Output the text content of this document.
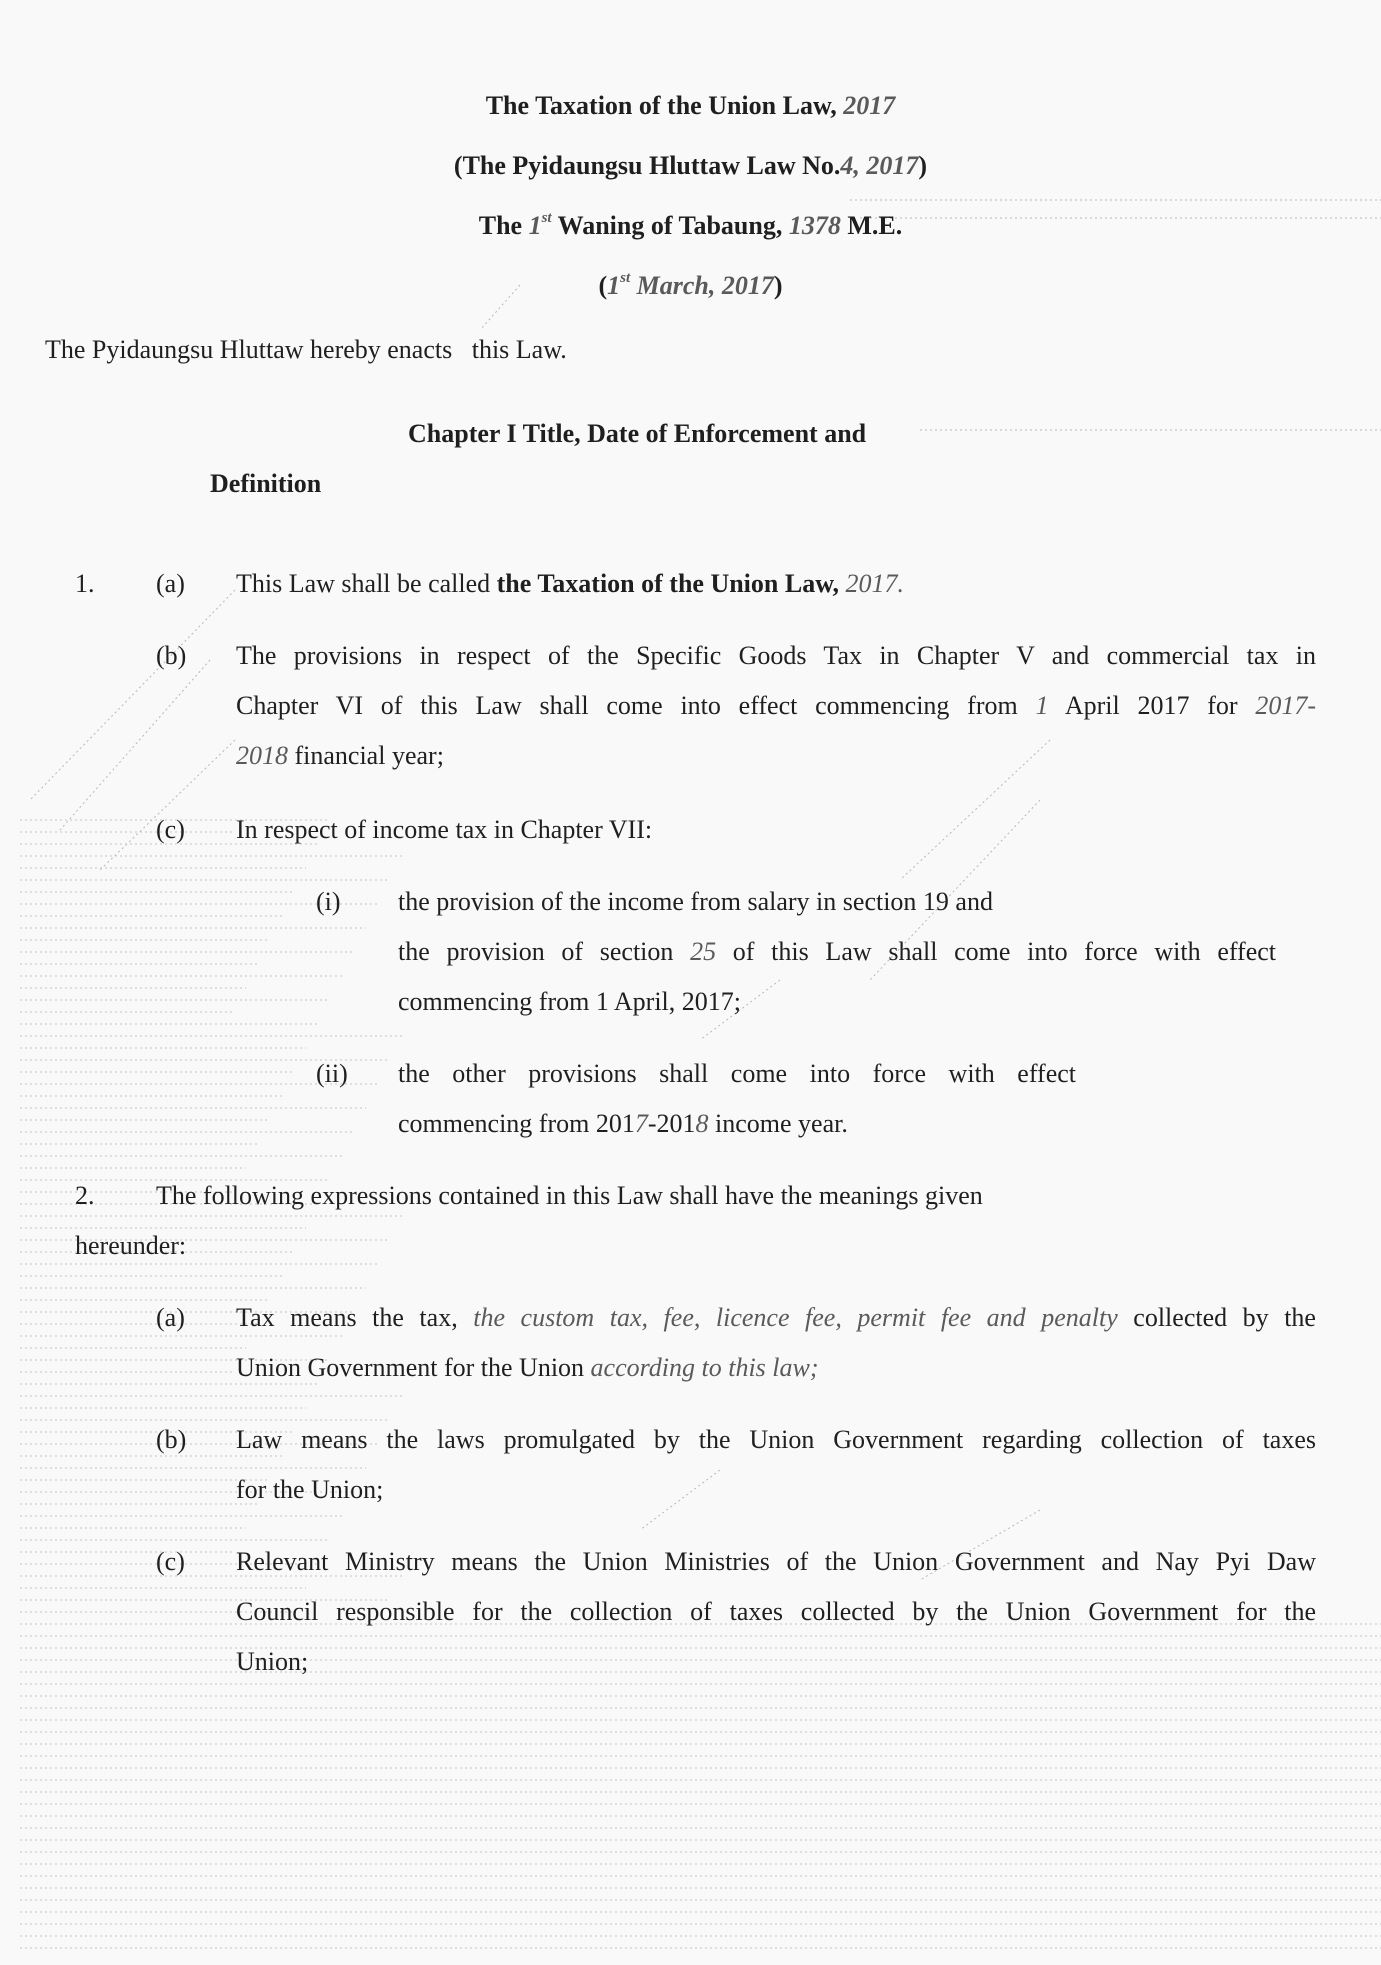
The Taxation of the Union Law, 2017
(The Pyidaungsu Hluttaw Law No.4, 2017)
The 1st Waning of Tabaung, 1378 M.E.
(1st March, 2017)
The Pyidaungsu Hluttaw hereby enacts this Law.
Chapter I Title, Date of Enforcement and
Definition
1. (a) This Law shall be called the Taxation of the Union Law, 2017.
(b) The provisions in respect of the Specific Goods Tax in Chapter V and commercial tax in
Chapter VI of this Law shall come into effect commencing from 1 April 2017 for 2017-
2018 financial year;
(c) In respect of income tax in Chapter VII:
(i) the provision of the income from salary in section 19 and
the provision of section 25 of this Law shall come into force with effect
commencing from 1 April, 2017;
(ii) the other provisions shall come into force with effect
commencing from 2017-2018 income year.
2. The following expressions contained in this Law shall have the meanings given
hereunder:
(a) Tax means the tax, the custom tax, fee, licence fee, permit fee and penalty collected by the
Union Government for the Union according to this law;
(b) Law means the laws promulgated by the Union Government regarding collection of taxes
for the Union;
(c) Relevant Ministry means the Union Ministries of the Union Government and Nay Pyi Daw
Council responsible for the collection of taxes collected by the Union Government for the
Union;
